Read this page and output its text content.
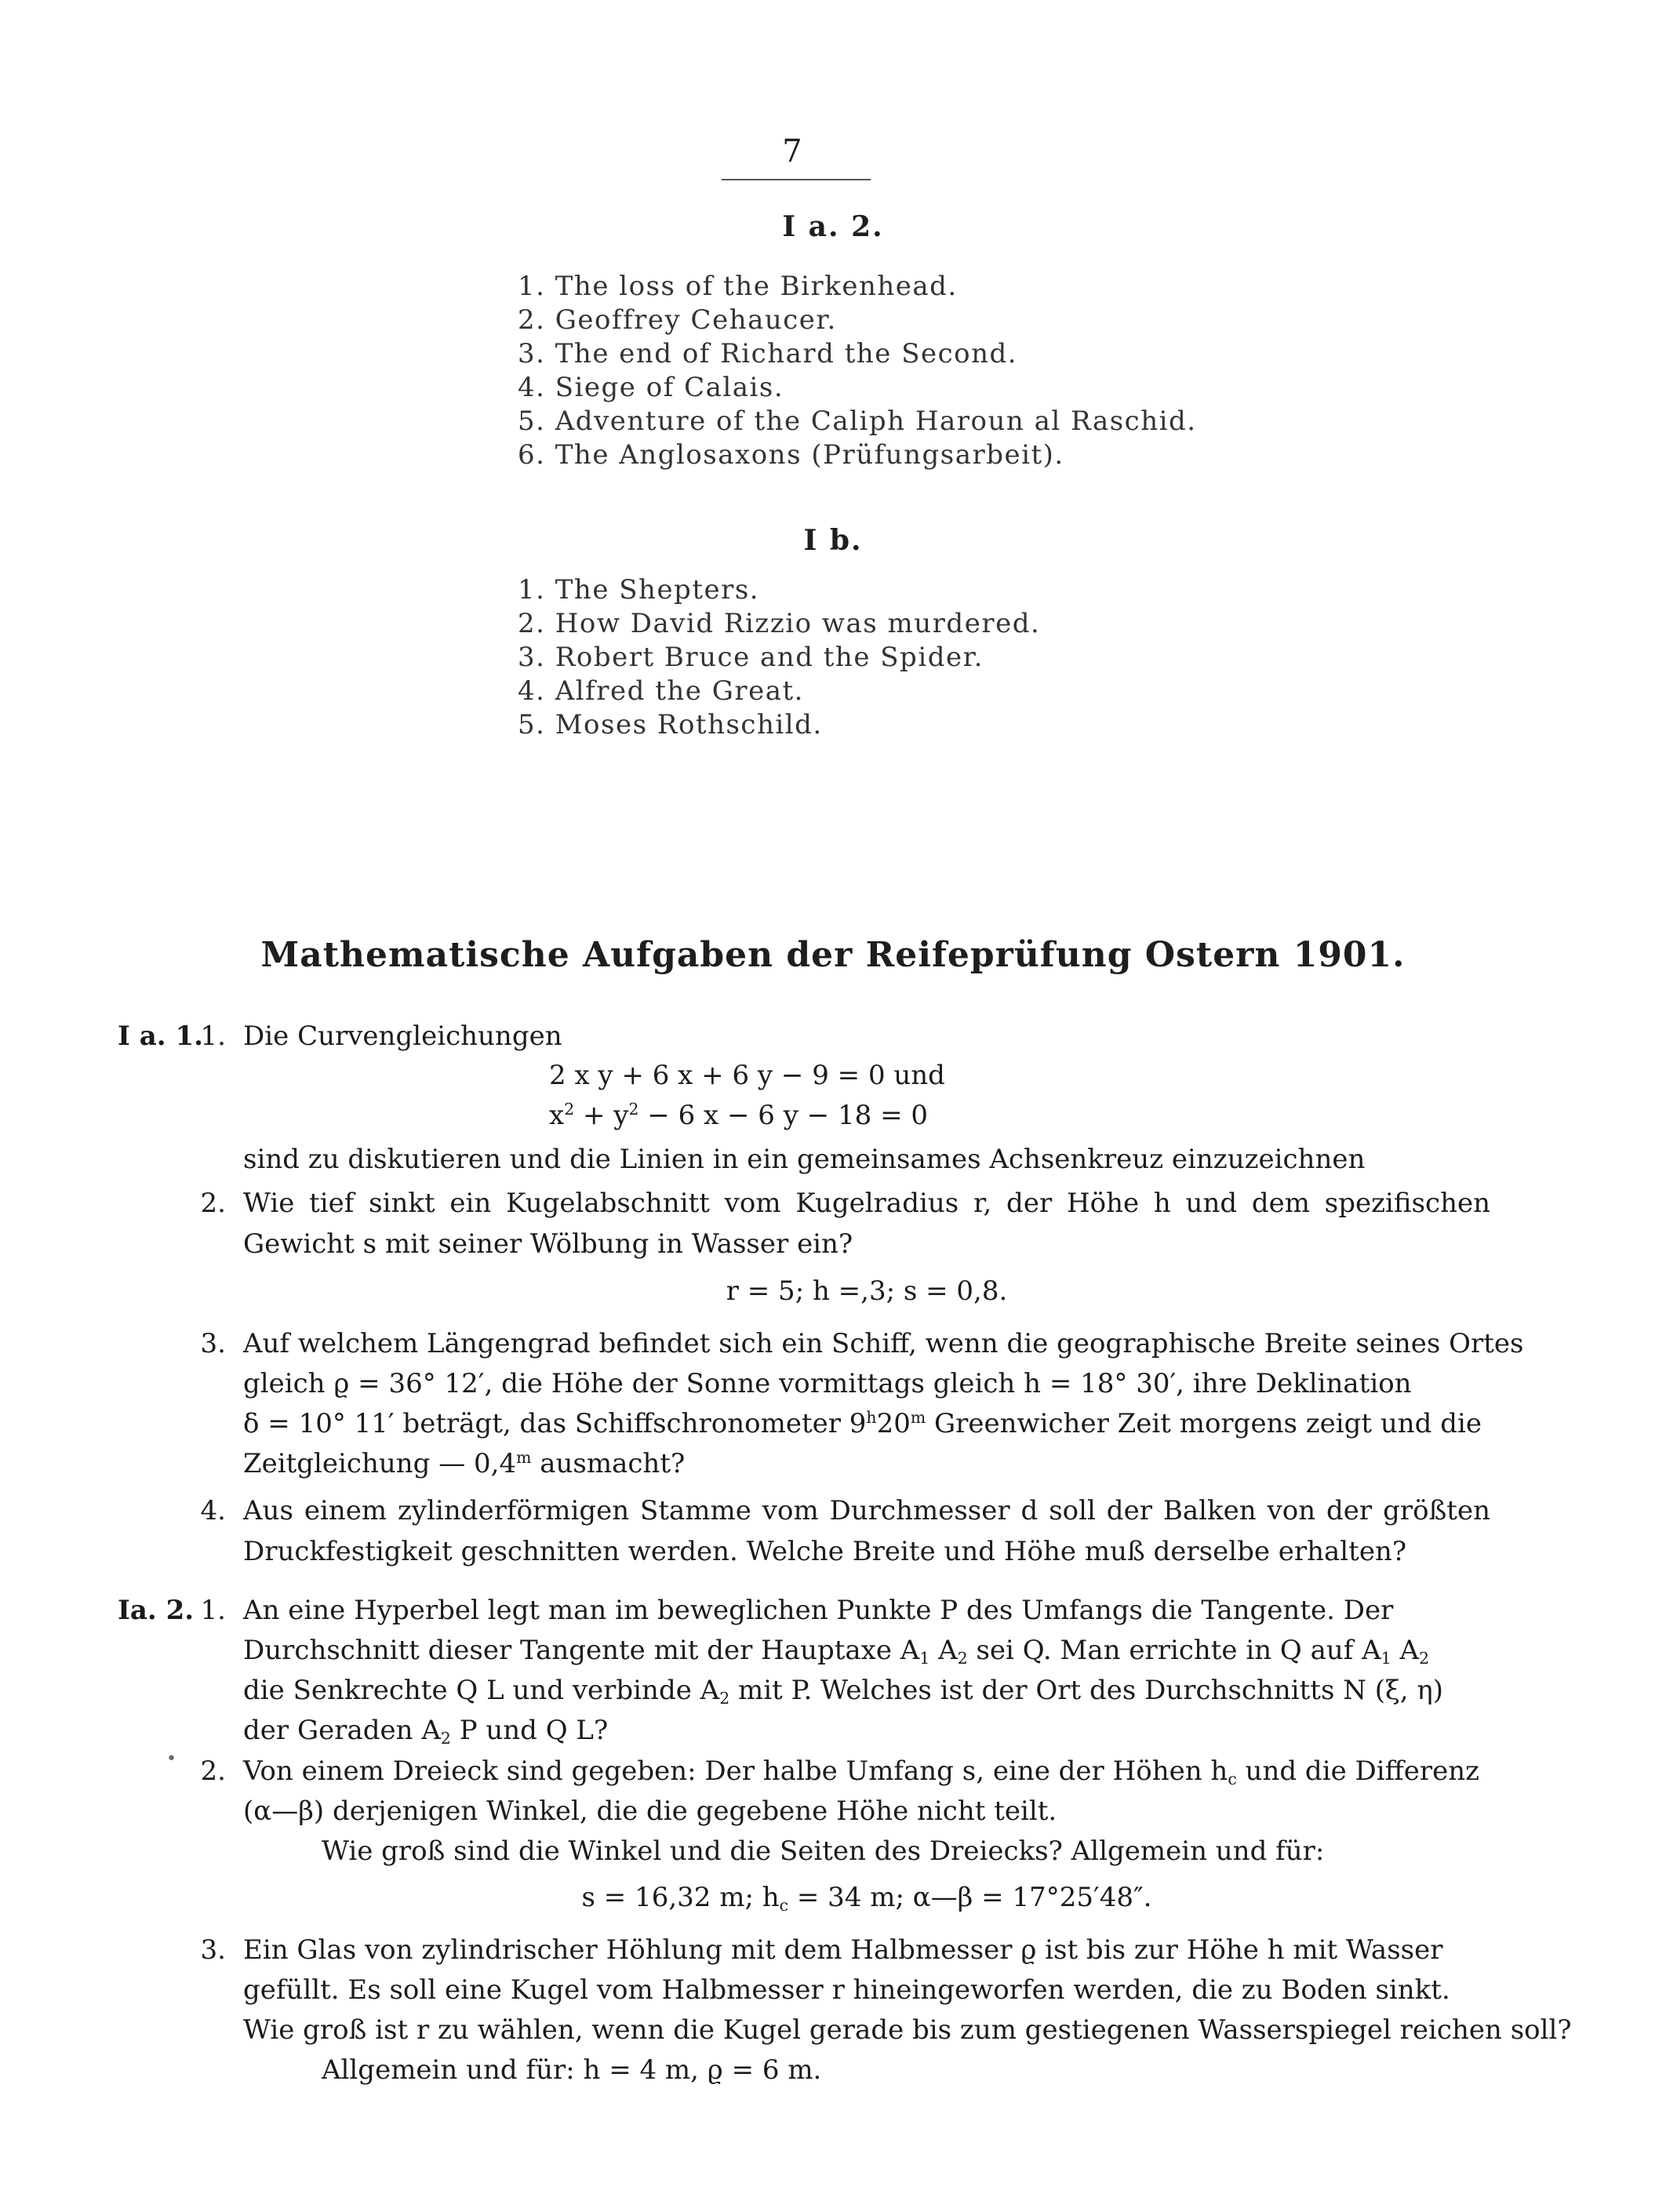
7
I a. 2.
1. The loss of the Birkenhead.
2. Geoffrey Cehaucer.
3. The end of Richard the Second.
4. Siege of Calais.
5. Adventure of the Caliph Haroun al Raschid.
6. The Anglosaxons (Prüfungsarbeit).
I b.
1. The Shepters.
2. How David Rizzio was murdered.
3. Robert Bruce and the Spider.
4. Alfred the Great.
5. Moses Rothschild.
Mathematische Aufgaben der Reifeprüfung Ostern 1901.
I a. 1.
1. Die Curvengleichungen
2 x y + 6 x + 6 y − 9 = 0 und
$x^2 + y^2 - 6$ x − 6 y − 18 = 0
sind zu diskutieren und die Linien in ein gemeinsames Achsenkreuz einzuzeichnen
2. Wie tief sinkt ein Kugelabschnitt vom Kugelradius r, der Höhe h und dem spezifischen Gewicht s mit seiner Wölbung in Wasser ein?
r = 5; h =,3; s = 0,8.
3. Auf welchem Längengrad befindet sich ein Schiff, wenn die geographische Breite seines Ortes
gleich ϱ = 36° 12′, die Höhe der Sonne vormittags gleich h = 18° 30′, ihre Deklination
δ = 10° 11′ beträgt, das Schiffschronometer 9$^h$20$^m$ Greenwicher Zeit morgens zeigt und die
Zeitgleichung — 0,4$^m$ ausmacht?
4. Aus einem zylinderförmigen Stamme vom Durchmesser d soll der Balken von der größten Druckfestigkeit geschnitten werden. Welche Breite und Höhe muß derselbe erhalten?
Ia. 2. 1. An eine Hyperbel legt man im beweglichen Punkte P des Umfangs die Tangente. Der
Durchschnitt dieser Tangente mit der Hauptaxe $A_1$ $A_2$ sei Q. Man errichte in Q auf $A_1$ $A_2$
die Senkrechte Q L und verbinde $A_2$ mit P. Welches ist der Ort des Durchschnitts N (ξ, η)
der Geraden $A_2$ P und Q L?
• 2. Von einem Dreieck sind gegeben: Der halbe Umfang s, eine der Höhen $h_c$ und die Differenz
(α—β) derjenigen Winkel, die die gegebene Höhe nicht teilt.
Wie groß sind die Winkel und die Seiten des Dreiecks? Allgemein und für:
s = 16,32 m; $h_c = 34$ m; α—β = 17°25′48″.
3. Ein Glas von zylindrischer Höhlung mit dem Halbmesser ϱ ist bis zur Höhe h mit Wasser
gefüllt. Es soll eine Kugel vom Halbmesser r hineingeworfen werden, die zu Boden sinkt.
Wie groß ist r zu wählen, wenn die Kugel gerade bis zum gestiegenen Wasserspiegel reichen soll?
Allgemein und für: h = 4 m, ϱ = 6 m.
